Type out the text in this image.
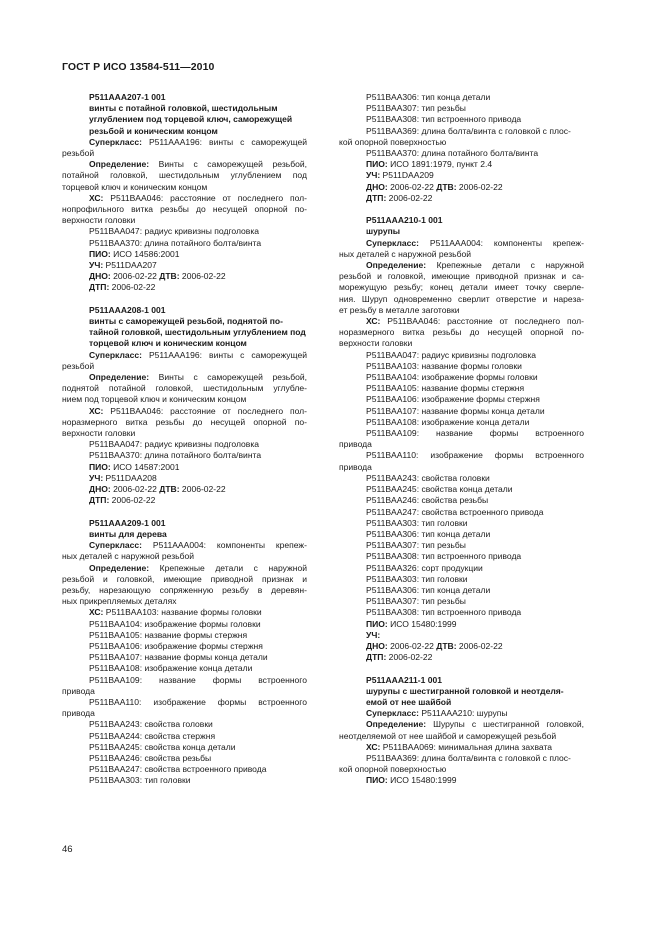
ГОСТ Р ИСО 13584-511—2010
P511AAA207-1 001
винты с потайной головкой, шестидольным
углублением под торцевой ключ, саморежущей
резьбой и коническим концом
Суперкласс: P511AAA196: винты с саморежущей
резьбой
Определение: Винты с саморежущей резьбой,
потайной головкой, шестидольным углублением под
торцевой ключ и коническим концом
ХС: P511BAA046: расстояние от последнего пол-
нопрофильного витка резьбы до несущей опорной по-
верхности головки
P511BAA047: радиус кривизны подголовка
P511BAA370: длина потайного болта/винта
ПИО: ИСО 14586:2001
УЧ: P511DAA207
ДНО: 2006-02-22 ДТВ: 2006-02-22
ДТП: 2006-02-22
P511AAA208-1 001
винты с саморежущей резьбой, поднятой по-
тайной головкой, шестидольным углублением под
торцевой ключ и коническим концом
Суперкласс: P511AAA196: винты с саморежущей
резьбой
Определение: Винты с саморежущей резьбой,
поднятой потайной головкой, шестидольным углубле-
нием под торцевой ключ и коническим концом
ХС: P511BAA046: расстояние от последнего пол-
норазмерного витка резьбы до несущей опорной по-
верхности головки
P511BAA047: радиус кривизны подголовка
P511BAA370: длина потайного болта/винта
ПИО: ИСО 14587:2001
УЧ: P511DAA208
ДНО: 2006-02-22 ДТВ: 2006-02-22
ДТП: 2006-02-22
P511AAA209-1 001
винты для дерева
Суперкласс: P511AAA004: компоненты крепеж-
ных деталей с наружной резьбой
Определение: Крепежные детали с наружной
резьбой и головкой, имеющие приводной признак и
резьбу, нарезающую сопряженную резьбу в деревян-
ных прикрепляемых деталях
ХС: P511BAA103: название формы головки
P511BAA104: изображение формы головки
P511BAA105: название формы стержня
P511BAA106: изображение формы стержня
P511BAA107: название формы конца детали
P511BAA108: изображение конца детали
P511BAA109: название формы встроенного
привода
P511BAA110: изображение формы встроенного
привода
P511BAA243: свойства головки
P511BAA244: свойства стержня
P511BAA245: свойства конца детали
P511BAA246: свойства резьбы
P511BAA247: свойства встроенного привода
P511BAA303: тип головки
P511BAA306: тип конца детали
P511BAA307: тип резьбы
P511BAA308: тип встроенного привода
P511BAA369: длина болта/винта с головкой с плос-
кой опорной поверхностью
P511BAA370: длина потайного болта/винта
ПИО: ИСО 1891:1979, пункт 2.4
УЧ: P511DAA209
ДНО: 2006-02-22 ДТВ: 2006-02-22
ДТП: 2006-02-22
P511AAA210-1 001
шурупы
Суперкласс: P511AAA004: компоненты крепеж-
ных деталей с наружной резьбой
Определение: Крепежные детали с наружной
резьбой и головкой, имеющие приводной признак и са-
морежущую резьбу; конец детали имеет точку сверле-
ния. Шуруп одновременно сверлит отверстие и нарезa-
ет резьбу в металле заготовки
ХС: P511BAA046: расстояние от последнего пол-
норазмерного витка резьбы до несущей опорной по-
верхности головки
P511BAA047: радиус кривизны подголовка
P511BAA103: название формы головки
P511BAA104: изображение формы головки
P511BAA105: название формы стержня
P511BAA106: изображение формы стержня
P511BAA107: название формы конца детали
P511BAA108: изображение конца детали
P511BAA109: название формы встроенного
привода
P511BAA110: изображение формы встроенного
привода
P511BAA243: свойства головки
P511BAA245: свойства конца детали
P511BAA246: свойства резьбы
P511BAA247: свойства встроенного привода
P511BAA303: тип головки
P511BAA306: тип конца детали
P511BAA307: тип резьбы
P511BAA308: тип встроенного привода
P511BAA326: сорт продукции
P511BAA303: тип головки
P511BAA306: тип конца детали
P511BAA307: тип резьбы
P511BAA308: тип встроенного привода
ПИО: ИСО 15480:1999
УЧ:
ДНО: 2006-02-22 ДТВ: 2006-02-22
ДТП: 2006-02-22
P511AAA211-1 001
шурупы с шестигранной головкой и неотделя-
емой от нее шайбой
Суперкласс: P511AAA210: шурупы
Определение: Шурупы с шестигранной головкой,
неотделяемой от нее шайбой и саморежущей резьбой
ХС: P511BAA069: минимальная длина захвата
P511BAA369: длина болта/винта с головкой с плос-
кой опорной поверхностью
ПИО: ИСО 15480:1999
46
